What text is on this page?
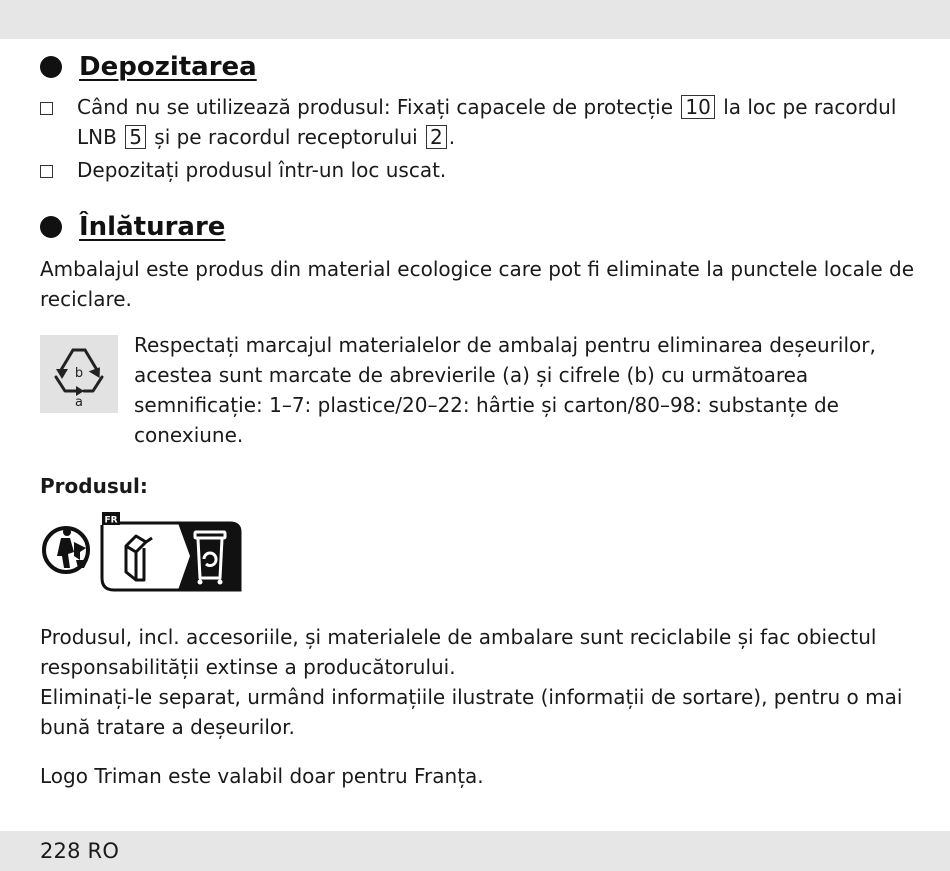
Depozitarea
Când nu se utilizează produsul: Fixați capacele de protecție 10 la loc pe racordul
LNB 5 și pe racordul receptorului 2 .
Depozitați produsul într-un loc uscat.
Înlăturare

Ambalajul este produs din material ecologice care pot fi eliminate la punctele locale de
reciclare.

b
a

Respectați marcajul materialelor de ambalaj pentru eliminarea deșeurilor,
acestea sunt marcate de abrevierile (a) și cifrele (b) cu următoarea
semnificație: 1–7: plastice/20–22: hârtie și carton/80–98: substanțe de
conexiune.

Produsul:

FR

Produsul, incl. accesoriile, și materialele de ambalare sunt reciclabile și fac obiectul
responsabilității extinse a producătorului.
Eliminați-le separat, urmând informațiile ilustrate (informații de sortare), pentru o mai
bună tratare a deșeurilor.

Logo Triman este valabil doar pentru Franța.

228 RO
